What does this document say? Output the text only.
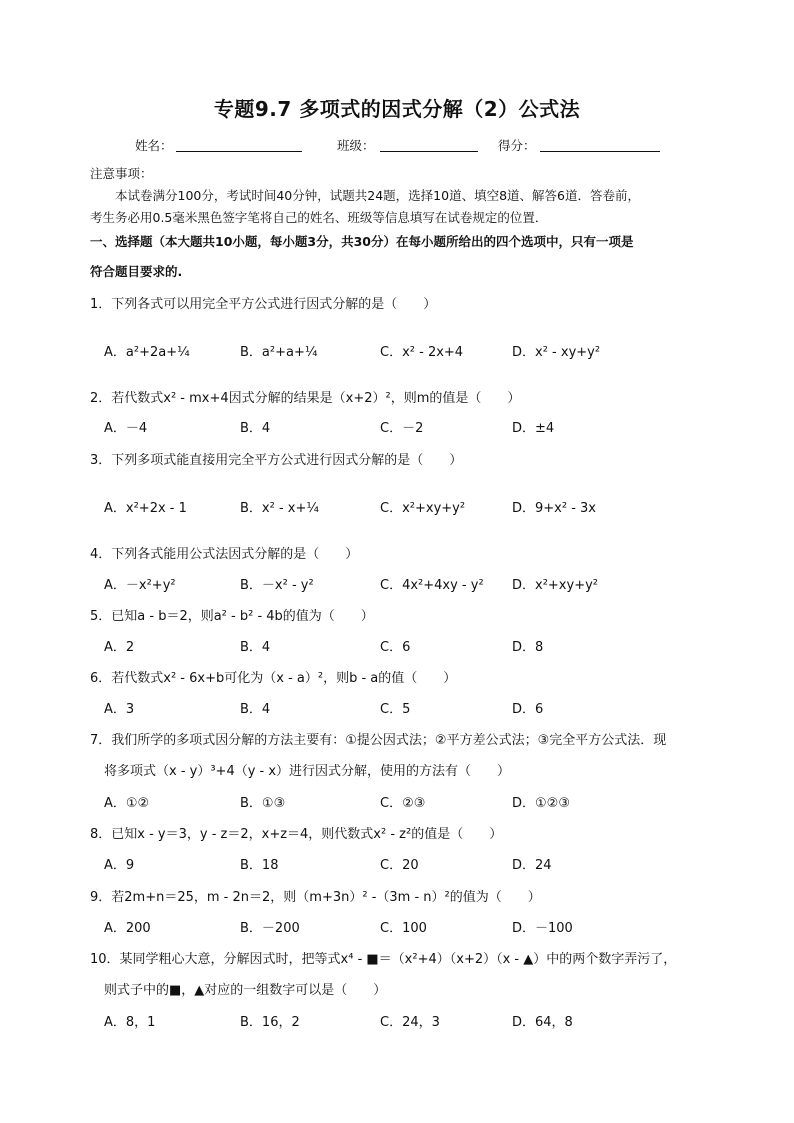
专题9.7 多项式的因式分解（2）公式法
姓名：	班级：	得分：
注意事项：
本试卷满分100分，考试时间40分钟，试题共24题，选择10道、填空8道、解答6道．答卷前，
考生务必用0.5毫米黑色签字笔将自己的姓名、班级等信息填写在试卷规定的位置．
一、选择题（本大题共10小题，每小题3分，共30分）在每小题所给出的四个选项中，只有一项是
符合题目要求的.
1．下列各式可以用完全平方公式进行因式分解的是（　　）
A．a²+2a+¼	B．a²+a+¼	C．x² - 2x+4	D．x² - xy+y²
2．若代数式x² - mx+4因式分解的结果是（x+2）²，则m的值是（　　）
A．－4	B．4	C．－2	D．±4
3．下列多项式能直接用完全平方公式进行因式分解的是（　　）
A．x²+2x - 1	B．x² - x+¼	C．x²+xy+y²	D．9+x² - 3x
4．下列各式能用公式法因式分解的是（　　）
A．－x²+y²	B．－x² - y²	C．4x²+4xy - y² D．x²+xy+y²
5．已知a - b＝2，则a² - b² - 4b的值为（　　）
A．2	B．4	C．6	D．8
6．若代数式x² - 6x+b可化为（x - a）²，则b - a的值（　　）
A．3	B．4	C．5	D．6
7．我们所学的多项式因分解的方法主要有：①提公因式法；②平方差公式法；③完全平方公式法．现
将多项式（x - y）³+4（y - x）进行因式分解，使用的方法有（　　）
A．①②	B．①③	C．②③	D．①②③
8．已知x - y＝3，y - z＝2，x+z＝4，则代数式x² - z²的值是（　　）
A．9	B．18	C．20	D．24
9．若2m+n＝25，m - 2n＝2，则（m+3n）² -（3m - n）²的值为（　　）
A．200	B．－200	C．100	D．－100
10．某同学粗心大意，分解因式时，把等式x⁴ - ■＝（x²+4）（x+2）（x - ▲）中的两个数字弄污了，
则式子中的■，▲对应的一组数字可以是（　　）
A．8，1	B．16，2	C．24，3	D．64，8
